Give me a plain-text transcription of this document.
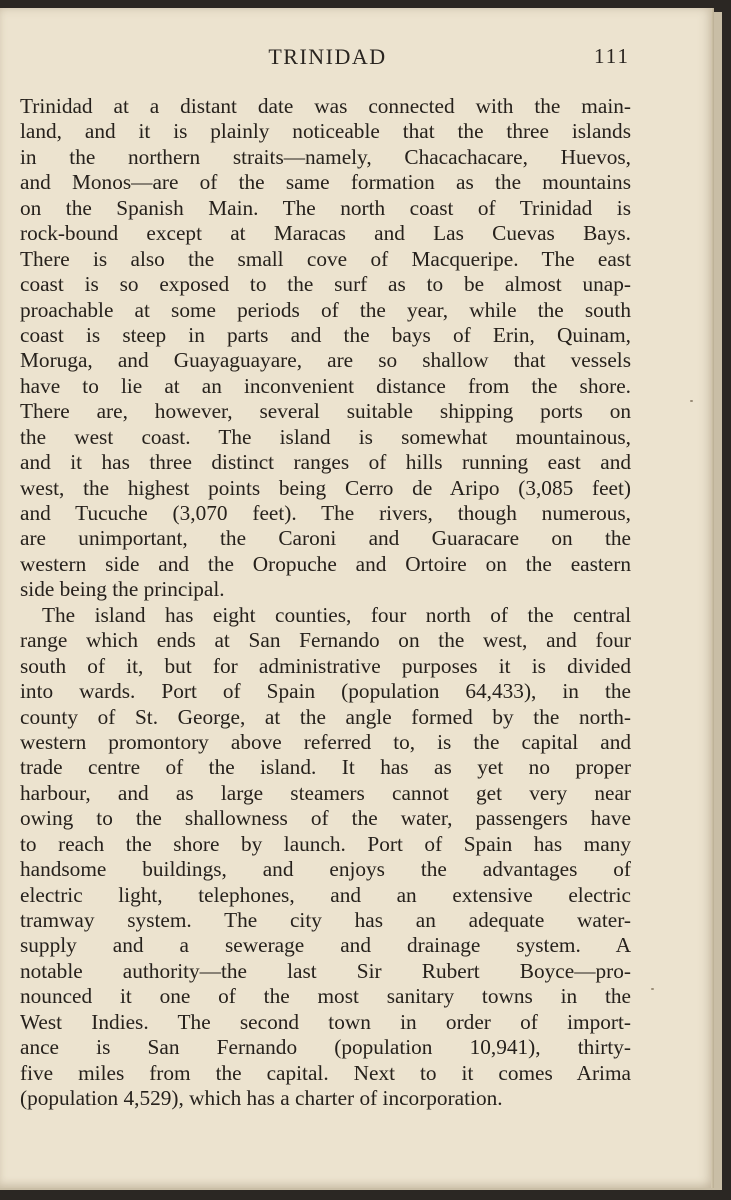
TRINIDAD	111

Trinidad at a distant date was connected with the main-
land, and it is plainly noticeable that the three islands
in the northern straits—namely, Chacachacare, Huevos,
and Monos—are of the same formation as the mountains
on the Spanish Main. The north coast of Trinidad is
rock-bound except at Maracas and Las Cuevas Bays.
There is also the small cove of Macqueripe. The east
coast is so exposed to the surf as to be almost unap-
proachable at some periods of the year, while the south
coast is steep in parts and the bays of Erin, Quinam,
Moruga, and Guayaguayare, are so shallow that vessels
have to lie at an inconvenient distance from the shore.
There are, however, several suitable shipping ports on
the west coast. The island is somewhat mountainous,
and it has three distinct ranges of hills running east and
west, the highest points being Cerro de Aripo (3,085 feet)
and Tucuche (3,070 feet). The rivers, though numerous,
are unimportant, the Caroni and Guaracare on the
western side and the Oropuche and Ortoire on the eastern
side being the principal.

The island has eight counties, four north of the central
range which ends at San Fernando on the west, and four
south of it, but for administrative purposes it is divided
into wards. Port of Spain (population 64,433), in the
county of St. George, at the angle formed by the north-
western promontory above referred to, is the capital and
trade centre of the island. It has as yet no proper
harbour, and as large steamers cannot get very near
owing to the shallowness of the water, passengers have
to reach the shore by launch. Port of Spain has many
handsome buildings, and enjoys the advantages of
electric light, telephones, and an extensive electric
tramway system. The city has an adequate water-
supply and a sewerage and drainage system. A
notable authority—the last Sir Rubert Boyce—pro-
nounced it one of the most sanitary towns in the
West Indies. The second town in order of import-
ance is San Fernando (population 10,941), thirty-
five miles from the capital. Next to it comes Arima
(population 4,529), which has a charter of incorporation.
